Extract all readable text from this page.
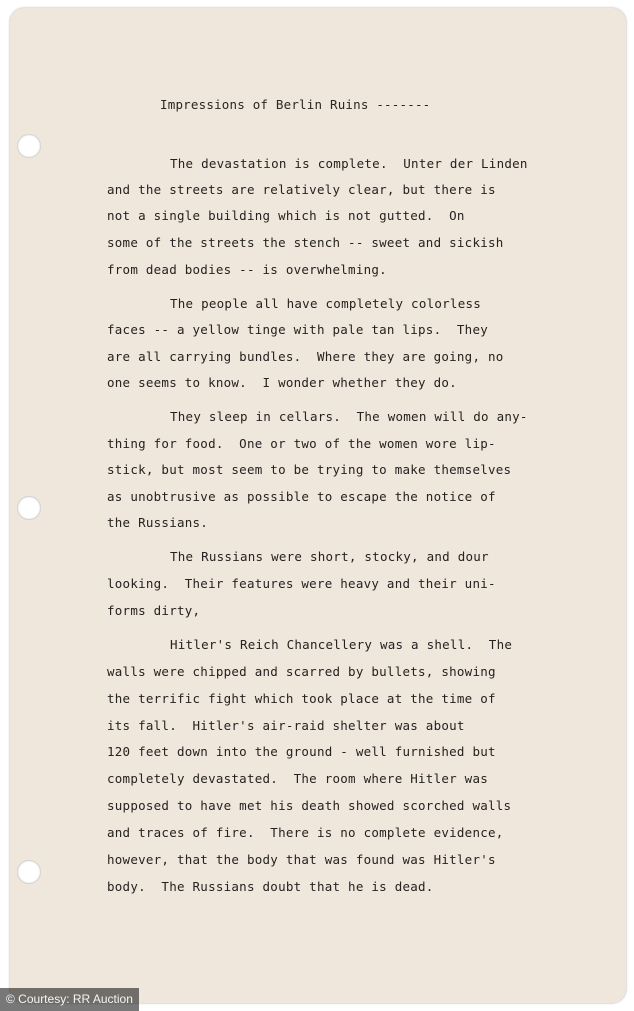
Impressions of Berlin Ruins -------
The devastation is complete.  Unter der Linden
and the streets are relatively clear, but there is
not a single building which is not gutted.  On
some of the streets the stench -- sweet and sickish
from dead bodies -- is overwhelming.
The people all have completely colorless
faces -- a yellow tinge with pale tan lips.  They
are all carrying bundles.  Where they are going, no
one seems to know.  I wonder whether they do.
They sleep in cellars.  The women will do any-
thing for food.  One or two of the women wore lip-
stick, but most seem to be trying to make themselves
as unobtrusive as possible to escape the notice of
the Russians.
The Russians were short, stocky, and dour
looking.  Their features were heavy and their uni-
forms dirty,
Hitler's Reich Chancellery was a shell.  The
walls were chipped and scarred by bullets, showing
the terrific fight which took place at the time of
its fall.  Hitler's air-raid shelter was about
120 feet down into the ground - well furnished but
completely devastated.  The room where Hitler was
supposed to have met his death showed scorched walls
and traces of fire.  There is no complete evidence,
however, that the body that was found was Hitler's
body.  The Russians doubt that he is dead.
© Courtesy: RR Auction
